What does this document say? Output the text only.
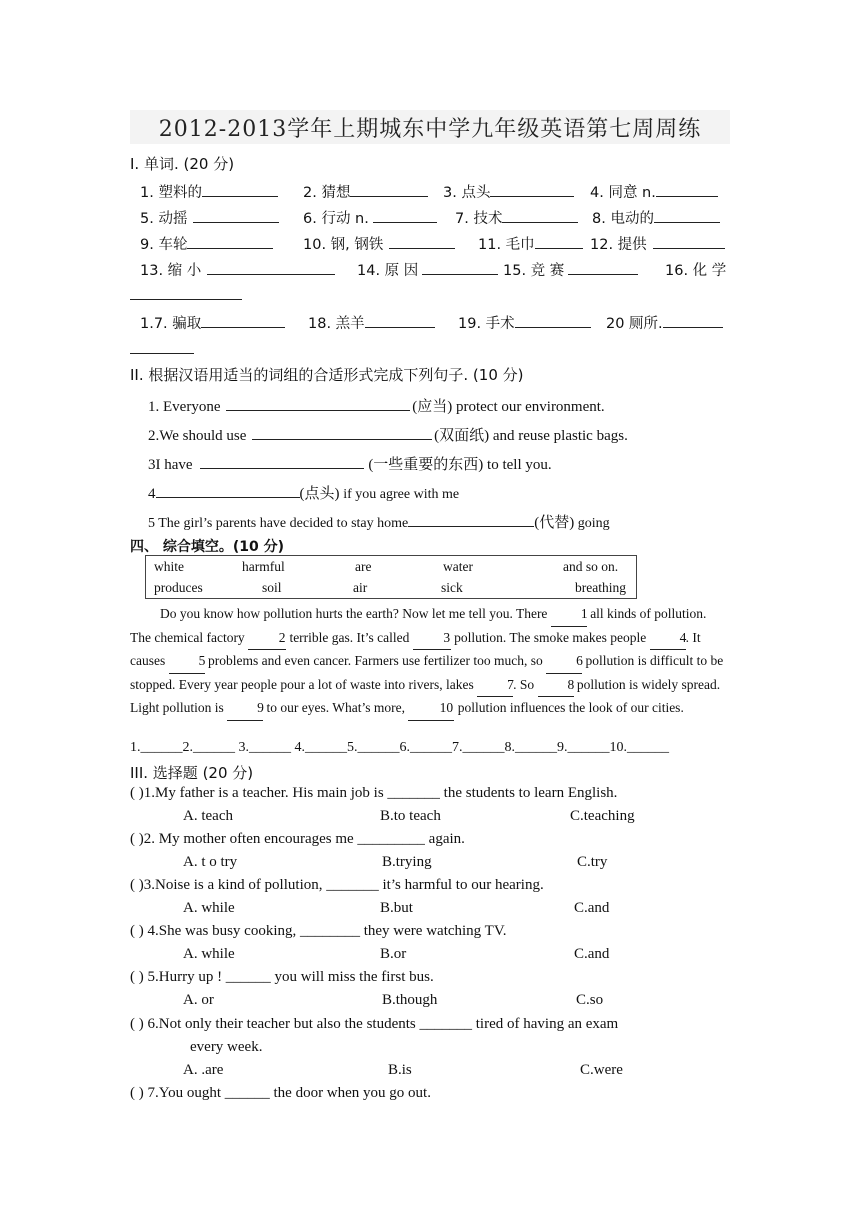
2012-2013学年上期城东中学九年级英语第七周周练
I. 单词. (20 分)
1. 塑料的	2. 猜想	3. 点头	4. 同意 n.
5. 动摇	6. 行动 n.	7. 技术	8. 电动的
9. 车轮	10. 钢, 钢铁	11. 毛巾	12. 提供
13. 缩 小	14. 原 因	15. 竞 赛	16. 化 学
1.7. 骗取	18. 羔羊	19. 手术	20 厕所.
II. 根据汉语用适当的词组的合适形式完成下列句子. (10 分)
1. Everyone	(应当) protect our environment.
2.We should use	(双面纸) and reuse plastic bags.
3I have	(一些重要的东西) to tell you.
4	(点头) if you agree with me
5 The girl’s parents have decided to stay home	(代替) going
四、 综合填空。(10 分)
white	harmful	are	water	and so on.
produces	soil	air	sick	breathing
Do you know how pollution hurts the earth? Now let me tell you. There 1 all kinds of pollution. The chemical factory	2 terrible gas. It’s called	3 pollution. The smoke makes people 4. It causes 5 problems and even cancer. Farmers use fertilizer too much, so 6 pollution is difficult to be stopped. Every year people pour a lot of waste into rivers, lakes 7. So 8 pollution is widely spread. Light pollution is 9 to our eyes. What’s more,	10 pollution influences the look of our cities.
1.______2.______ 3.______ 4.______5.______6.______7.______8.______9.______10.______
III. 选择题 (20 分)
( )1.My father is a teacher. His main job is _______ the students to learn English.
A. teach	B.to teach	C.teaching
( )2. My mother often encourages me _________ again.
A. t o try	B.trying	C.try
( )3.Noise is a kind of pollution, _______ it’s harmful to our hearing.
A. while	B.but	C.and
( ) 4.She was busy cooking, ________ they were watching TV.
A. while	B.or	C.and
( ) 5.Hurry up ! ______ you will miss the first bus.
A. or	B.though	C.so
( ) 6.Not only their teacher but also the students _______ tired of having an exam
every week.
A. .are	B.is	C.were
( ) 7.You ought ______ the door when you go out.
